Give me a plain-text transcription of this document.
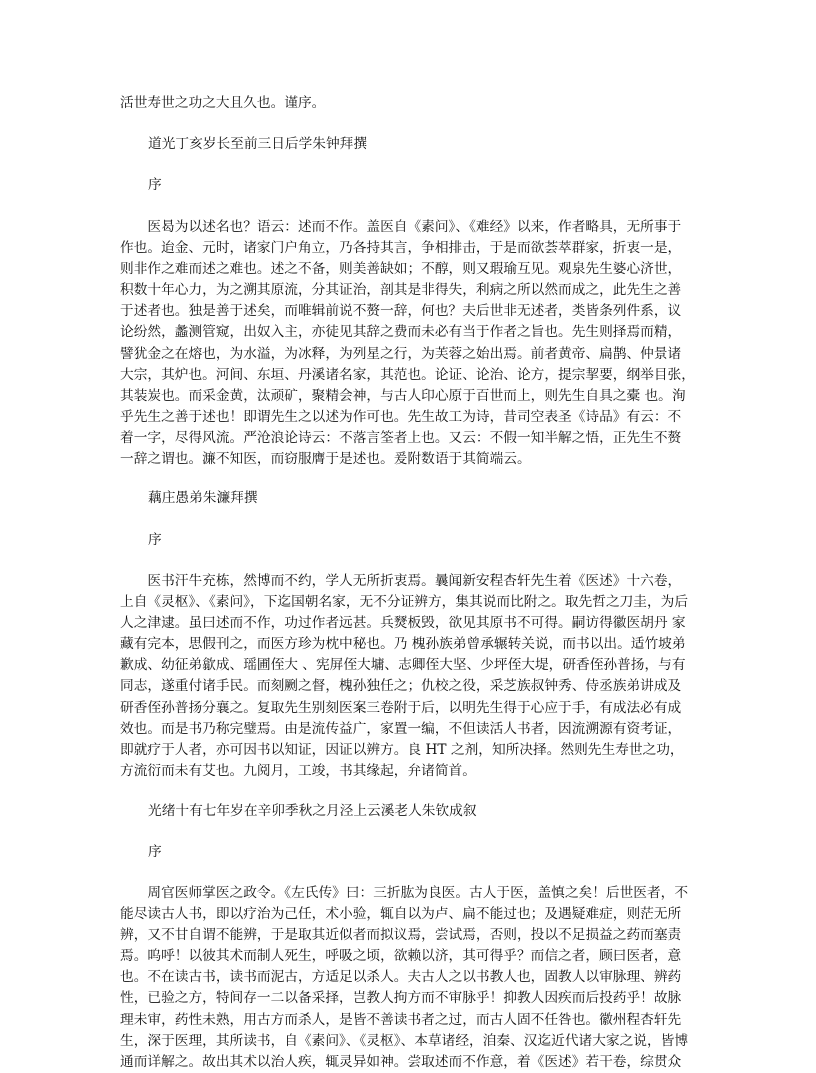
活世寿世之功之大且久也。谨序。

道光丁亥岁长至前三日后学朱钟拜撰

序

医曷为以述名也？语云：述而不作。盖医自《素问》、《难经》以来，作者略具，无所事于
作也。迨金、元时，诸家门户角立，乃各持其言，争相排击，于是而欲荟萃群家，折衷一是，
则非作之难而述之难也。述之不备，则美善缺如；不醇，则又瑕瑜互见。观泉先生婆心济世，
积数十年心力，为之溯其原流，分其证治，剖其是非得失，利病之所以然而成之，此先生之善
于述者也。独是善于述矣，而唯辑前说不赘一辞，何也？夫后世非无述者，类皆条列件系，议
论纷然，蠡测管窥，出奴入主，亦徒见其辞之费而未必有当于作者之旨也。先生则择焉而精，
譬犹金之在熔也，为水溢，为冰释，为列星之行，为芙蓉之始出焉。前者黄帝、扁鹊、仲景诸
大宗，其炉也。河间、东垣、丹溪诸名家，其范也。论证、论治、论方，提宗挈要，纲举目张，
其装炭也。而采金黄，汰顽矿，聚精会神，与古人印心原于百世而上，则先生自具之橐 也。洵
乎先生之善于述也！即谓先生之以述为作可也。先生故工为诗，昔司空表圣《诗品》有云：不
着一字，尽得风流。严沧浪论诗云：不落言筌者上也。又云：不假一知半解之悟，正先生不赘
一辞之谓也。濂不知医，而窃服膺于是述也。爰附数语于其简端云。

藕庄愚弟朱濂拜撰

序

医书汗牛充栋，然博而不约，学人无所折衷焉。曩闻新安程杏轩先生着《医述》十六卷，
上自《灵枢》、《素问》，下迄国朝名家，无不分证辨方，集其说而比附之。取先哲之刀圭，为后
人之津逮。虽曰述而不作，功过作者远甚。兵燹板毁，欲见其原书不可得。嗣访得徽医胡丹 家
藏有完本，思假刊之，而医方珍为枕中秘也。乃 槐孙族弟曾承辗转关说，而书以出。适竹坡弟
歉成、幼征弟歙成、瑶圃侄大 、宪屏侄大墉、志卿侄大坚、少坪侄大堤，研香侄孙普扬，与有
同志，遂重付诸手民。而刻劂之督，槐孙独任之；仇校之役，采芝族叔钟秀、侍丞族弟讲成及
研香侄孙普扬分襄之。复取先生别刻医案三卷附于后，以明先生得于心应于手，有成法必有成
效也。而是书乃称完璧焉。由是流传益广，家置一编，不但读活人书者，因流溯源有资考证，
即就疗于人者，亦可因书以知证，因证以辨方。良 HT 之剂，知所决择。然则先生寿世之功，
方流衍而未有艾也。九阅月，工竣，书其缘起，弁诸简首。

光绪十有七年岁在辛卯季秋之月泾上云溪老人朱钦成叙

序

周官医师掌医之政令。《左氏传》曰：三折肱为良医。古人于医，盖慎之矣！后世医者，不
能尽读古人书，即以疗治为己任，术小验，辄自以为卢、扁不能过也；及遇疑难症，则茫无所
辨，又不甘自谓不能辨，于是取其近似者而拟议焉，尝试焉，否则，投以不足损益之药而塞责
焉。呜呼！以彼其术而制人死生，呼吸之顷，欲赖以济，其可得乎？而信之者，顾曰医者，意
也。不在读古书，读书而泥古，方适足以杀人。夫古人之以书教人也，固教人以审脉理、辨药
性，已验之方，特间存一二以备采择，岂教人拘方而不审脉乎！抑教人因疾而后投药乎！故脉
理未审，药性未熟，用古方而杀人，是皆不善读书者之过，而古人固不任咎也。徽州程杏轩先
生，深于医理，其所读书，自《素问》、《灵枢》、本草诸经，洎秦、汉迄近代诸大家之说，皆博
通而详解之。故出其术以治人疾，辄灵异如神。尝取述而不作意，着《医述》若干卷，综贯众
